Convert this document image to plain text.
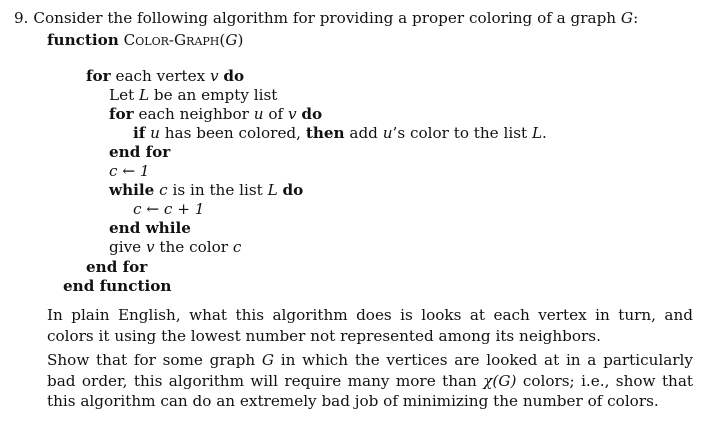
9. Consider the following algorithm for providing a proper coloring of a graph G:
function Color-Graph(G)
for each vertex v do
Let L be an empty list
for each neighbor u of v do
if u has been colored, then add u’s color to the list L.
end for
c ← 1
while c is in the list L do
c ← c + 1
end while
give v the color c
end for
end function
In plain English, what this algorithm does is looks at each vertex in turn, and colors it using the lowest number not represented among its neighbors.
Show that for some graph G in which the vertices are looked at in a particularly bad order, this algorithm will require many more than χ(G) colors; i.e., show that this algorithm can do an extremely bad job of minimizing the number of colors.
